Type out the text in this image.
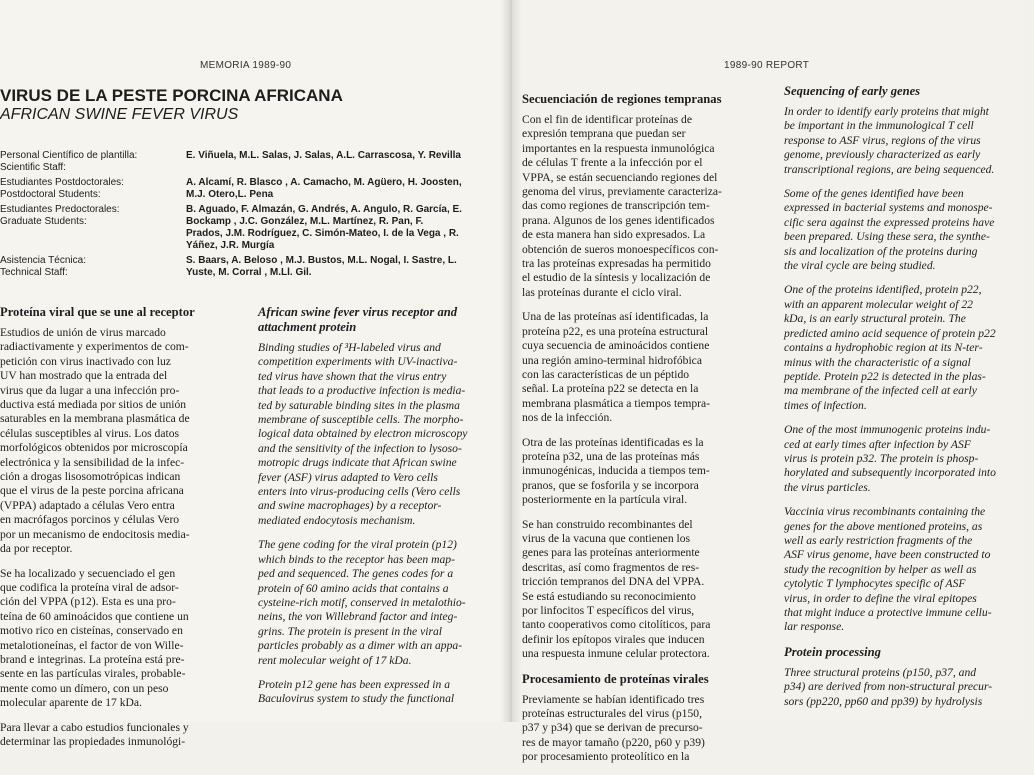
MEMORIA 1989-90
VIRUS DE LA PESTE PORCINA AFRICANA
AFRICAN SWINE FEVER VIRUS
Personal Científico de plantilla:
Scientific Staff:
E. Viñuela, M.L. Salas, J. Salas, A.L. Carrascosa, Y. Revilla
Estudiantes Postdoctorales:
Postdoctoral Students:
A. Alcamí, R. Blasco , A. Camacho, M. Agüero, H. Joosten,
M.J. Otero,L. Pena
Estudiantes Predoctorales:
Graduate Students:
B. Aguado, F. Almazán, G. Andrés, A. Angulo, R. García, E.
Bockamp , J.C. González, M.L. Martínez, R. Pan, F.
Prados, J.M. Rodríguez, C. Simón-Mateo, I. de la Vega , R.
Yáñez, J.R. Murgía
Asistencia Técnica:
Technical Staff:
S. Baars, A. Beloso , M.J. Bustos, M.L. Nogal, I. Sastre, L.
Yuste, M. Corral , M.Ll. Gil.
Proteína viral que se une al receptor

Estudios de unión de virus marcado
radiactivamente y experimentos de com-
petición con virus inactivado con luz
UV han mostrado que la entrada del
virus que da lugar a una infección pro-
ductiva está mediada por sitios de unión
saturables en la membrana plasmática de
células susceptibles al virus. Los datos
morfológicos obtenidos por microscopía
electrónica y la sensibilidad de la infec-
ción a drogas lisosomotrópicas indican
que el virus de la peste porcina africana
(VPPA) adaptado a células Vero entra
en macrófagos porcinos y células Vero
por un mecanismo de endocitosis media-
da por receptor.

Se ha localizado y secuenciado el gen
que codifica la proteína viral de adsor-
ción del VPPA (p12). Esta es una pro-
teína de 60 aminoácidos que contiene un
motivo rico en cisteínas, conservado en
metalotioneínas, el factor de von Wille-
brand e integrinas. La proteína está pre-
sente en las partículas virales, probable-
mente como un dímero, con un peso
molecular aparente de 17 kDa.

Para llevar a cabo estudios funcionales y
determinar las propiedades inmunológi-

African swine fever virus receptor and attachment protein

Binding studies of ³H-labeled virus and
competition experiments with UV-inactiva-
ted virus have shown that the virus entry
that leads to a productive infection is media-
ted by saturable binding sites in the plasma
membrane of susceptible cells. The morpho-
logical data obtained by electron microscopy
and the sensitivity of the infection to lysoso-
motropic drugs indicate that African swine
fever (ASF) virus adapted to Vero cells
enters into virus-producing cells (Vero cells
and swine macrophages) by a receptor-
mediated endocytosis mechanism.

The gene coding for the viral protein (p12)
which binds to the receptor has been map-
ped and sequenced. The genes codes for a
protein of 60 amino acids that contains a
cysteine-rich motif, conserved in metalothio-
neins, the von Willebrand factor and integ-
grins. The protein is present in the viral
particles probably as a dimer with an appa-
rent molecular weight of 17 kDa.

Protein p12 gene has been expressed in a
Baculovirus system to study the functional

1989-90 REPORT
Secuenciación de regiones tempranas

Con el fin de identificar proteínas de
expresión temprana que puedan ser
importantes en la respuesta inmunológica
de células T frente a la infección por el
VPPA, se están secuenciando regiones del
genoma del virus, previamente caracteriza-
das como regiones de transcripción tem-
prana. Algunos de los genes identificados
de esta manera han sido expresados. La
obtención de sueros monoespecíficos con-
tra las proteínas expresadas ha permitido
el estudio de la síntesis y localización de
las proteínas durante el ciclo viral.

Una de las proteínas así identificadas, la
proteína p22, es una proteína estructural
cuya secuencia de aminoácidos contiene
una región amino-terminal hidrofóbica
con las características de un péptido
señal. La proteína p22 se detecta en la
membrana plasmática a tiempos tempra-
nos de la infección.

Otra de las proteínas identificadas es la
proteína p32, una de las proteínas más
inmunogénicas, inducida a tiempos tem-
pranos, que se fosforila y se incorpora
posteriormente en la partícula viral.

Se han construido recombinantes del
virus de la vacuna que contienen los
genes para las proteínas anteriormente
descritas, así como fragmentos de res-
tricción tempranos del DNA del VPPA.
Se está estudiando su reconocimiento
por linfocitos T específicos del virus,
tanto cooperativos como citolíticos, para
definir los epítopos virales que inducen
una respuesta inmune celular protectora.

Procesamiento de proteínas virales

Previamente se habían identificado tres
proteínas estructurales del virus (p150,
p37 y p34) que se derivan de precurso-
res de mayor tamaño (p220, p60 y p39)
por procesamiento proteolítico en la

Sequencing of early genes

In order to identify early proteins that might
be important in the immunological T cell
response to ASF virus, regions of the virus
genome, previously characterized as early
transcriptional regions, are being sequenced.

Some of the genes identified have been
expressed in bacterial systems and monospe-
cific sera against the expressed proteins have
been prepared. Using these sera, the synthe-
sis and localization of the proteins during
the viral cycle are being studied.

One of the proteins identified, protein p22,
with an apparent molecular weight of 22
kDa, is an early structural protein. The
predicted amino acid sequence of protein p22
contains a hydrophobic region at its N-ter-
minus with the characteristic of a signal
peptide. Protein p22 is detected in the plas-
ma membrane of the infected cell at early
times of infection.

One of the most immunogenic proteins indu-
ced at early times after infection by ASF
virus is protein p32. The protein is phosp-
horylated and subsequently incorporated into
the virus particles.

Vaccinia virus recombinants containing the
genes for the above mentioned proteins, as
well as early restriction fragments of the
ASF virus genome, have been constructed to
study the recognition by helper as well as
cytolytic T lymphocytes specific of ASF
virus, in order to define the viral epitopes
that might induce a protective immune cellu-
lar response.

Protein processing

Three structural proteins (p150, p37, and
p34) are derived from non-structural precur-
sors (pp220, pp60 and pp39) by hydrolysis
